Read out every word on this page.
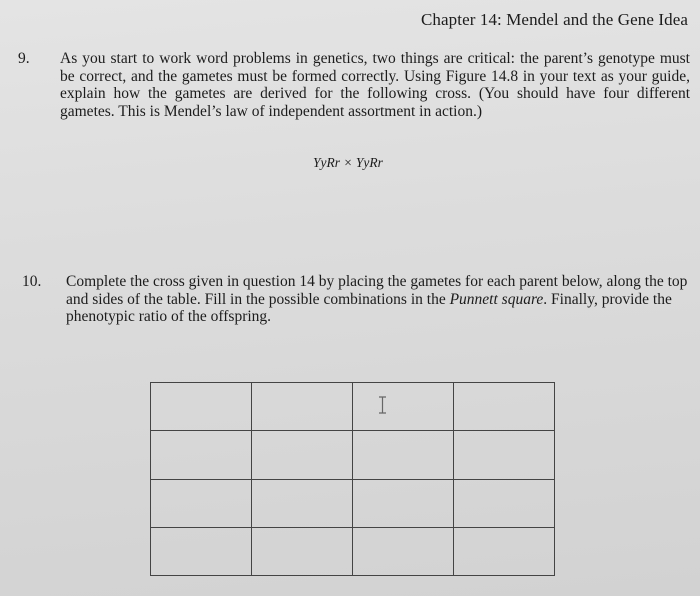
Chapter 14: Mendel and the Gene Idea
9. As you start to work word problems in genetics, two things are critical: the parent’s genotype must be correct, and the gametes must be formed correctly. Using Figure 14.8 in your text as your guide, explain how the gametes are derived for the following cross. (You should have four different gametes. This is Mendel’s law of independent assortment in action.)
YyRr × YyRr
10. Complete the cross given in question 14 by placing the gametes for each parent below, along the top and sides of the table. Fill in the possible combinations in the Punnett square. Finally, provide the phenotypic ratio of the offspring.
